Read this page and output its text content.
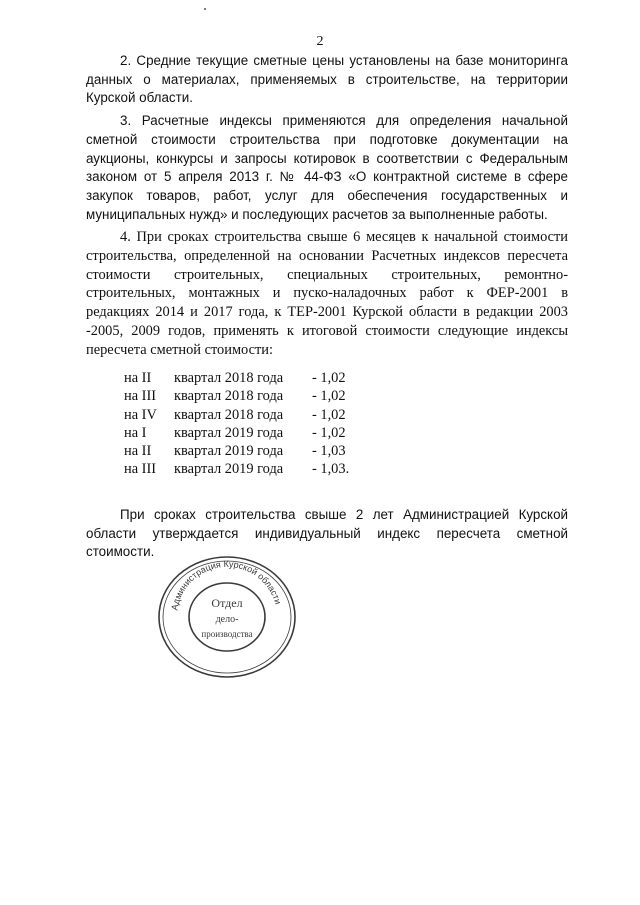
2

2. Средние текущие сметные цены установлены на базе мониторинга данных о материалах, применяемых в строительстве, на территории Курской области.

3. Расчетные индексы применяются для определения начальной сметной стоимости строительства при подготовке документации на аукционы, конкурсы и запросы котировок в соответствии с Федеральным законом от 5 апреля 2013 г. № 44-ФЗ «О контрактной системе в сфере закупок товаров, работ, услуг для обеспечения государственных и муниципальных нужд» и последующих расчетов за выполненные работы.

4. При сроках строительства свыше 6 месяцев к начальной стоимости строительства, определенной на основании Расчетных индексов пересчета стоимости строительных, специальных строительных, ремонтно-строительных, монтажных и пуско-наладочных работ к ФЕР-2001 в редакциях 2014 и 2017 года, к ТЕР-2001 Курской области в редакции 2003 -2005, 2009 годов, применять к итоговой стоимости следующие индексы пересчета сметной стоимости:

на II	квартал 2018 года	- 1,02
на III	квартал 2018 года	- 1,02
на IV	квартал 2018 года	- 1,02
на I	квартал 2019 года	- 1,02
на II	квартал 2019 года	- 1,03
на III	квартал 2019 года	- 1,03.

При сроках строительства свыше 2 лет Администрацией Курской области утверждается индивидуальный индекс пересчета сметной стоимости.

Администрация Курской области
Отдел
дело-
производства
